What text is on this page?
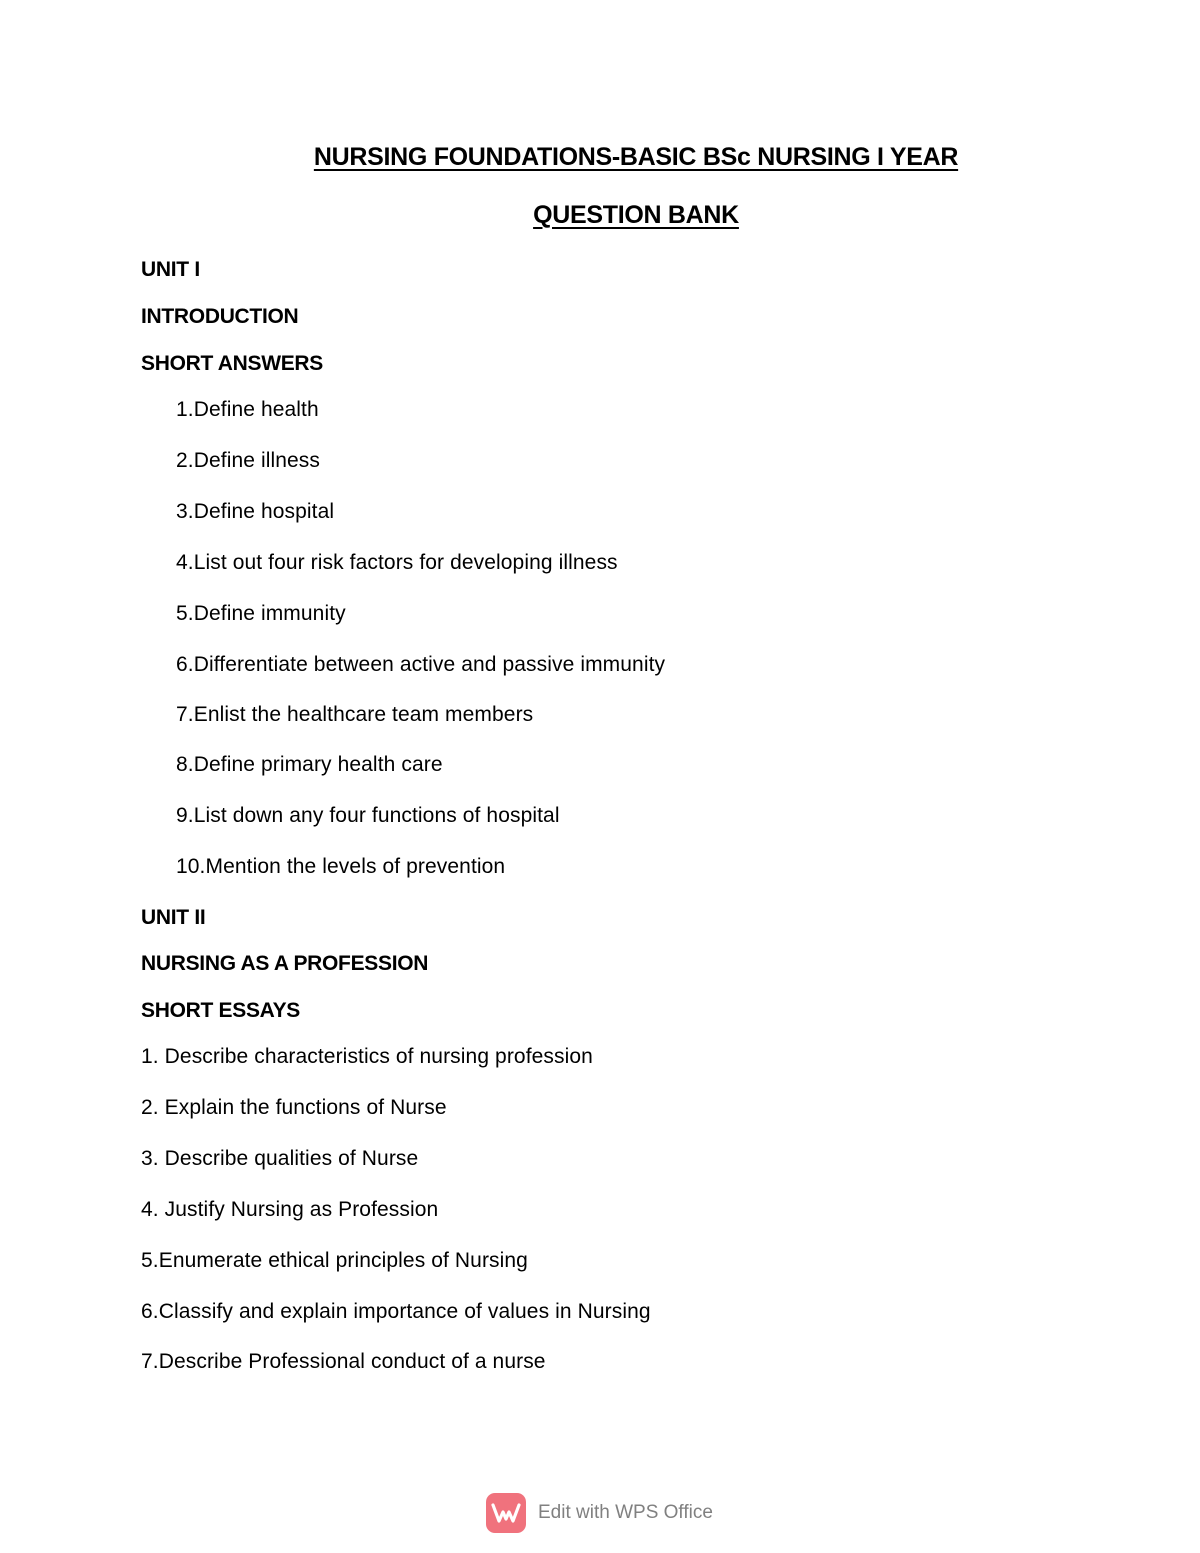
NURSING FOUNDATIONS-BASIC BSc NURSING I YEAR
QUESTION BANK
UNIT I
INTRODUCTION
SHORT ANSWERS
1.Define health
2.Define illness
3.Define hospital
4.List out four risk factors for developing illness
5.Define immunity
6.Differentiate between active and passive immunity
7.Enlist the healthcare team members
8.Define primary health care
9.List down any four functions of hospital
10.Mention the levels of prevention
UNIT II
NURSING AS A PROFESSION
SHORT ESSAYS
1. Describe characteristics of nursing profession
2. Explain the functions of Nurse
3. Describe qualities of Nurse
4. Justify Nursing as Profession
5.Enumerate ethical principles of Nursing
6.Classify and explain importance of values in Nursing
7.Describe Professional conduct of a nurse
Edit with WPS Office
